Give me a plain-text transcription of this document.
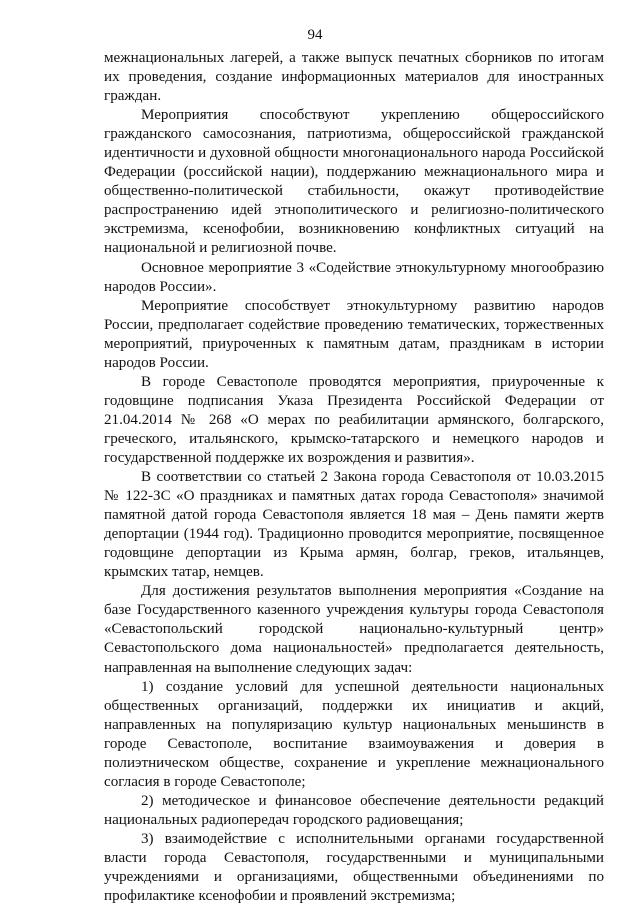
94

межнациональных лагерей, а также выпуск печатных сборников по итогам их проведения, создание информационных материалов для иностранных граждан.

Мероприятия способствуют укреплению общероссийского гражданского самосознания, патриотизма, общероссийской гражданской идентичности и духовной общности многонационального народа Российской Федерации (российской нации), поддержанию межнационального мира и общественно-политической стабильности, окажут противодействие распространению идей этнополитического и религиозно-политического экстремизма, ксенофобии, возникновению конфликтных ситуаций на национальной и религиозной почве.

Основное мероприятие 3 «Содействие этнокультурному многообразию народов России».

Мероприятие способствует этнокультурному развитию народов России, предполагает содействие проведению тематических, торжественных мероприятий, приуроченных к памятным датам, праздникам в истории народов России.

В городе Севастополе проводятся мероприятия, приуроченные к годовщине подписания Указа Президента Российской Федерации от 21.04.2014 № 268 «О мерах по реабилитации армянского, болгарского, греческого, итальянского, крымско-татарского и немецкого народов и государственной поддержке их возрождения и развития».

В соответствии со статьей 2 Закона города Севастополя от 10.03.2015 № 122-ЗС «О праздниках и памятных датах города Севастополя» значимой памятной датой города Севастополя является 18 мая – День памяти жертв депортации (1944 год). Традиционно проводится мероприятие, посвященное годовщине депортации из Крыма армян, болгар, греков, итальянцев, крымских татар, немцев.

Для достижения результатов выполнения мероприятия «Создание на базе Государственного казенного учреждения культуры города Севастополя «Севастопольский городской национально-культурный центр» Севастопольского дома национальностей» предполагается деятельность, направленная на выполнение следующих задач:

1) создание условий для успешной деятельности национальных общественных организаций, поддержки их инициатив и акций, направленных на популяризацию культур национальных меньшинств в городе Севастополе, воспитание взаимоуважения и доверия в полиэтническом обществе, сохранение и укрепление межнационального согласия в городе Севастополе;

2) методическое и финансовое обеспечение деятельности редакций национальных радиопередач городского радиовещания;

3) взаимодействие с исполнительными органами государственной власти города Севастополя, государственными и муниципальными учреждениями и организациями, общественными объединениями по профилактике ксенофобии и проявлений экстремизма;
